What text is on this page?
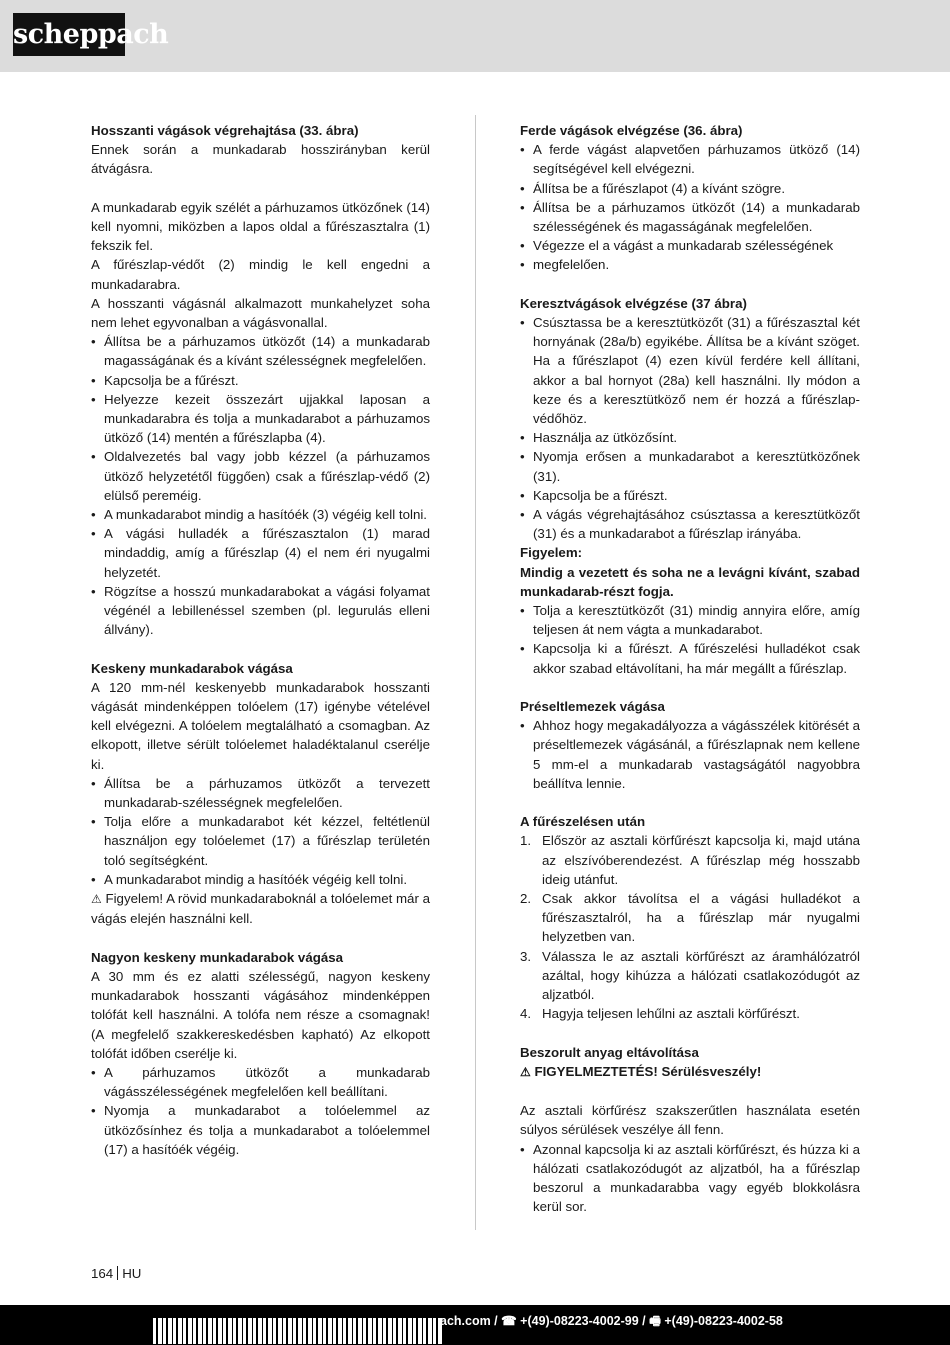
scheppach
Hosszanti vágások végrehajtása (33. ábra)

Ennek során a munkadarab hosszirányban kerül átvágásra.

A munkadarab egyik szélét a párhuzamos ütközőnek (14) kell nyomni, miközben a lapos oldal a fűrészasztalra (1) fekszik fel.

A fűrészlap-védőt (2) mindig le kell engedni a munkadarabra.

A hosszanti vágásnál alkalmazott munkahelyzet soha nem lehet egyvonalban a vágásvonallal.

• Állítsa be a párhuzamos ütközőt (14) a munkadarab magasságának és a kívánt szélességnek megfelelően.
• Kapcsolja be a fűrészt.
• Helyezze kezeit összezárt ujjakkal laposan a munkadarabra és tolja a munkadarabot a párhuzamos ütköző (14) mentén a fűrészlapba (4).
• Oldalvezetés bal vagy jobb kézzel (a párhuzamos ütköző helyzetétől függően) csak a fűrészlap-védő (2) elülső pereméig.
• A munkadarabot mindig a hasítóék (3) végéig kell tolni.
• A vágási hulladék a fűrészasztalon (1) marad mindaddig, amíg a fűrészlap (4) el nem éri nyugalmi helyzetét.
• Rögzítse a hosszú munkadarabokat a vágási folyamat végénél a lebillenéssel szemben (pl. legurulás elleni állvány).
Keskeny munkadarabok vágása

A 120 mm-nél keskenyebb munkadarabok hosszanti vágását mindenképpen tolóelem (17) igénybe vételével kell elvégezni. A tolóelem megtalálható a csomagban. Az elkopott, illetve sérült tolóelemet haladéktalanul cserélje ki.

• Állítsa be a párhuzamos ütközőt a tervezett munkadarab-szélességnek megfelelően.
• Tolja előre a munkadarabot két kézzel, feltétlenül használjon egy tolóelemet (17) a fűrészlap területén toló segítségként.
• A munkadarabot mindig a hasítóék végéig kell tolni.

⚠ Figyelem! A rövid munkadaraboknál a tolóelemet már a vágás elején használni kell.

Nagyon keskeny munkadarabok vágása

A 30 mm és ez alatti szélességű, nagyon keskeny munkadarabok hosszanti vágásához mindenképpen tolófát kell használni. A tolófa nem része a csomagnak! (A megfelelő szakkereskedésben kapható) Az elkopott tolófát időben cserélje ki.

• A párhuzamos ütközőt a munkadarab vágásszélességének megfelelően kell beállítani.
• Nyomja a munkadarabot a tolóelemmel az ütközősínhez és tolja a munkadarabot a tolóelemmel (17) a hasítóék végéig.
Ferde vágások elvégzése (36. ábra)
• A ferde vágást alapvetően párhuzamos ütköző (14) segítségével kell elvégezni.
• Állítsa be a fűrészlapot (4) a kívánt szögre.
• Állítsa be a párhuzamos ütközőt (14) a munkadarab szélességének és magasságának megfelelően.
• Végezze el a vágást a munkadarab szélességének
• megfelelően.
Keresztvágások elvégzése (37 ábra)
• Csúsztassa be a keresztütközőt (31) a fűrészasztal két hornyának (28a/b) egyikébe. Állítsa be a kívánt szöget. Ha a fűrészlapot (4) ezen kívül ferdére kell állítani, akkor a bal hornyot (28a) kell használni. Ily módon a keze és a keresztütköző nem ér hozzá a fűrészlap-védőhöz.
• Használja az ütközősínt.
• Nyomja erősen a munkadarabot a keresztütközőnek (31).
• Kapcsolja be a fűrészt.
• A vágás végrehajtásához csúsztassa a keresztütközőt (31) és a munkadarabot a fűrészlap irányába.

Figyelem:

Mindig a vezetett és soha ne a levágni kívánt, szabad munkadarab-részt fogja.

• Tolja a keresztütközőt (31) mindig annyira előre, amíg teljesen át nem vágta a munkadarabot.
• Kapcsolja ki a fűrészt. A fűrészelési hulladékot csak akkor szabad eltávolítani, ha már megállt a fűrészlap.
Préseltlemezek vágása
• Ahhoz hogy megakadályozza a vágásszélek kitörését a préseltlemezek vágásánál, a fűrészlapnak nem kellene 5 mm-el a munkadarab vastagságától nagyobbra beállítva lennie.
A fűrészelésen után
1. Először az asztali körfűrészt kapcsolja ki, majd utána az elszívóberendezést. A fűrészlap még hosszabb ideig utánfut.
2. Csak akkor távolítsa el a vágási hulladékot a fűrészasztalról, ha a fűrészlap már nyugalmi helyzetben van.
3. Válassza le az asztali körfűrészt az áramhálózatról azáltal, hogy kihúzza a hálózati csatlakozódugót az aljzatból.
4. Hagyja teljesen lehűlni az asztali körfűrészt.
Beszorult anyag eltávolítása

⚠ FIGYELMEZTETÉS! Sérülésveszély!

Az asztali körfűrész szakszerűtlen használata esetén súlyos sérülések veszélye áll fenn.

• Azonnal kapcsolja ki az asztali körfűrészt, és húzza ki a hálózati csatlakozódugót az aljzatból, ha a fűrészlap beszorul a munkadarabba vagy egyéb blokkolásra kerül sor.
164 HU
ach.com / ☎ +(49)-08223-4002-99 / 🖷 +(49)-08223-4002-58
